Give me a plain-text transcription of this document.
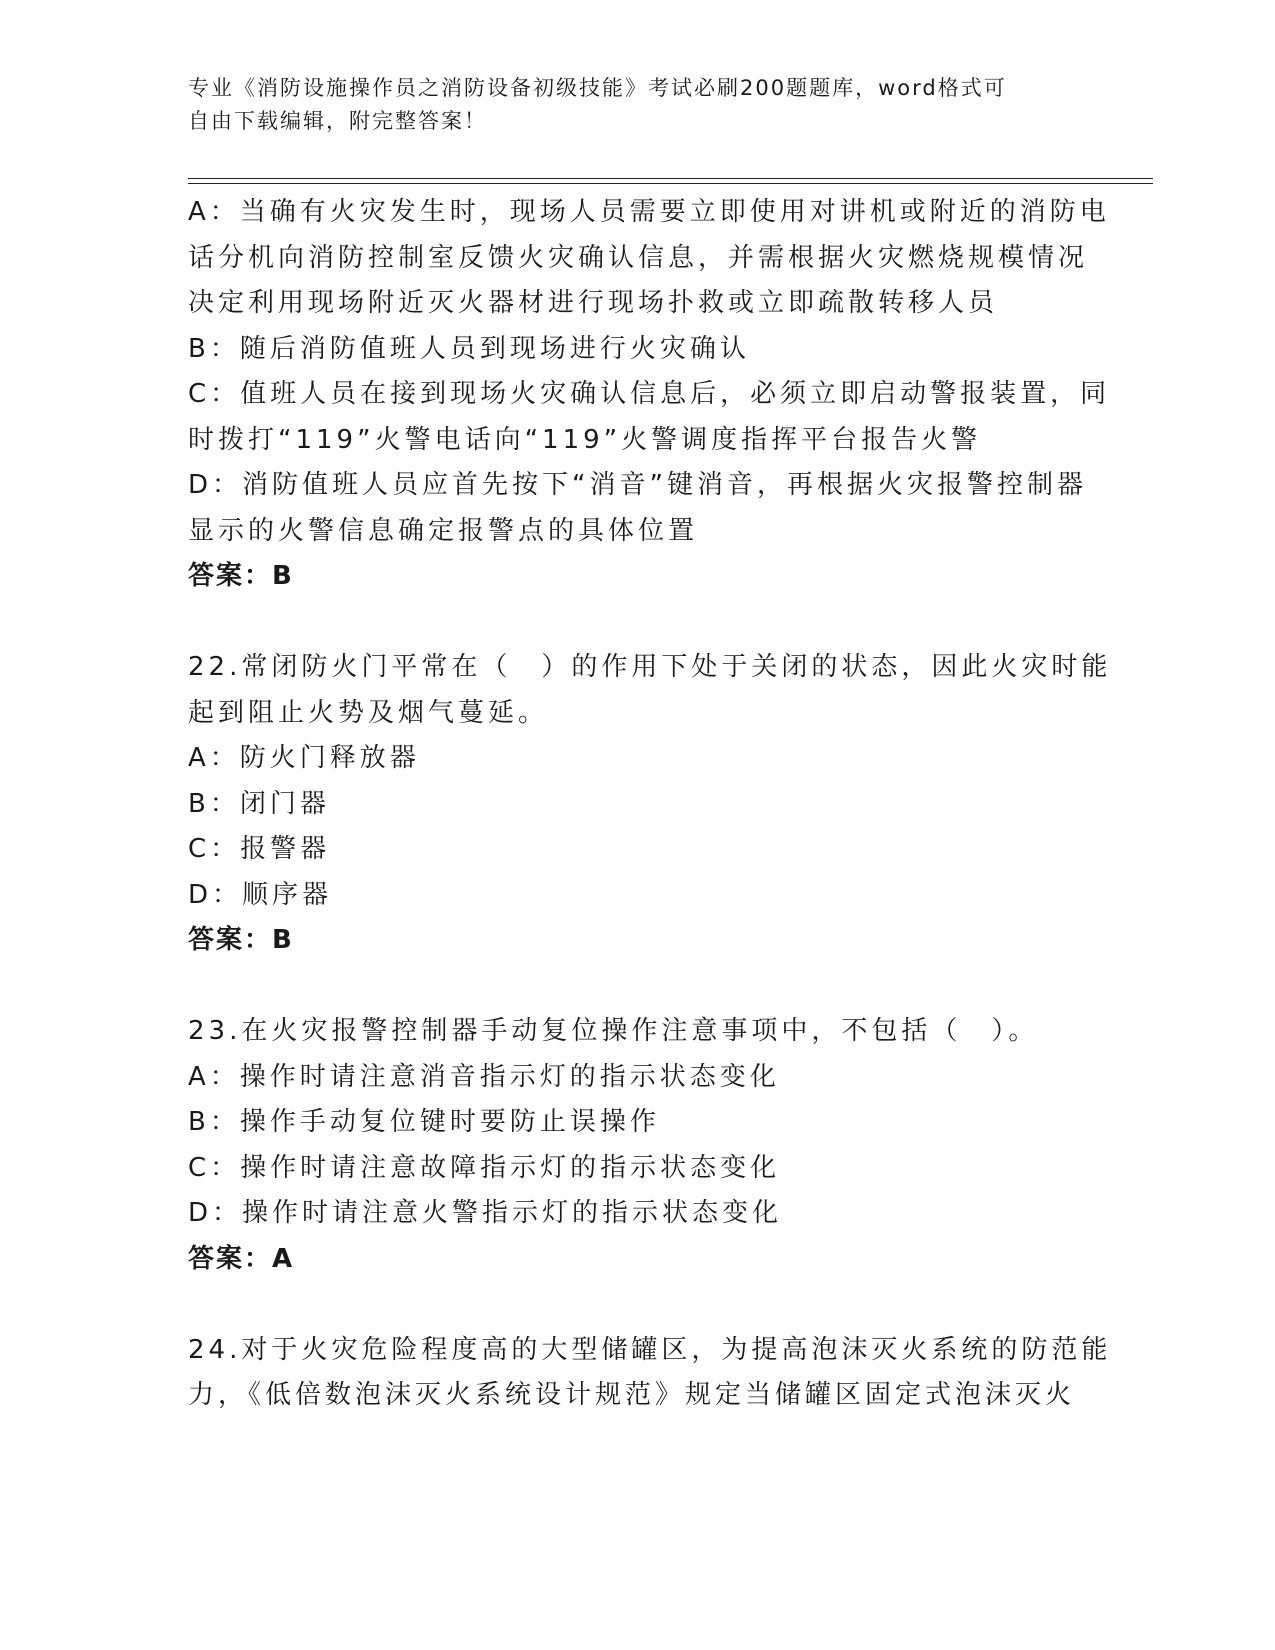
专业《消防设施操作员之消防设备初级技能》考试必刷200题题库，word格式可
自由下载编辑，附完整答案！
A：当确有火灾发生时，现场人员需要立即使用对讲机或附近的消防电
话分机向消防控制室反馈火灾确认信息，并需根据火灾燃烧规模情况
决定利用现场附近灭火器材进行现场扑救或立即疏散转移人员
B：随后消防值班人员到现场进行火灾确认
C：值班人员在接到现场火灾确认信息后，必须立即启动警报装置，同
时拨打“119”火警电话向“119”火警调度指挥平台报告火警
D：消防值班人员应首先按下“消音”键消音，再根据火灾报警控制器
显示的火警信息确定报警点的具体位置
答案：B
22.常闭防火门平常在（　）的作用下处于关闭的状态，因此火灾时能
起到阻止火势及烟气蔓延。
A：防火门释放器
B：闭门器
C：报警器
D：顺序器
答案：B
23.在火灾报警控制器手动复位操作注意事项中，不包括（　）。
A：操作时请注意消音指示灯的指示状态变化
B：操作手动复位键时要防止误操作
C：操作时请注意故障指示灯的指示状态变化
D：操作时请注意火警指示灯的指示状态变化
答案：A
24.对于火灾危险程度高的大型储罐区，为提高泡沫灭火系统的防范能
力，《低倍数泡沫灭火系统设计规范》规定当储罐区固定式泡沫灭火
